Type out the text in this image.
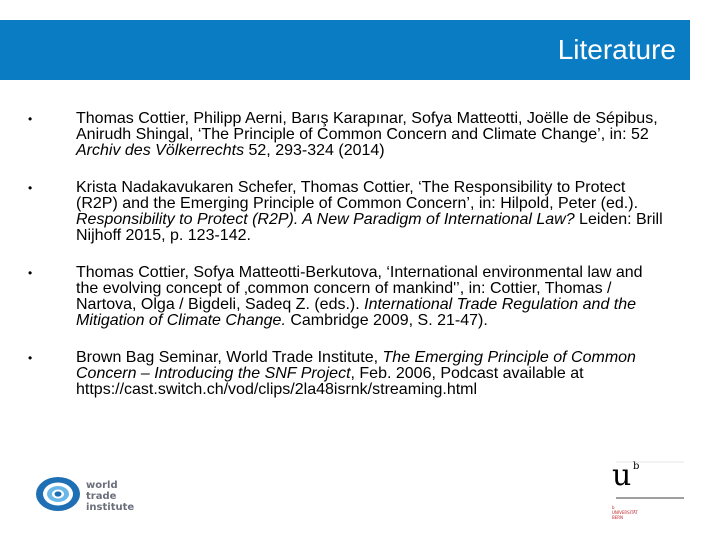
Literature
•	Thomas Cottier, Philipp Aerni, Barış Karapınar, Sofya Matteotti, Joëlle de Sépibus, Anirudh Shingal, ‘The Principle of Common Concern and Climate Change’, in: 52 Archiv des Völkerrechts 52, 293-324 (2014)
•	Krista Nadakavukaren Schefer, Thomas Cottier, ‘The Responsibility to Protect (R2P) and the Emerging Principle of Common Concern’, in: Hilpold, Peter (ed.). Responsibility to Protect (R2P). A New Paradigm of International Law? Leiden: Brill Nijhoff 2015, p. 123-142.
•	Thomas Cottier, Sofya Matteotti-Berkutova, ‘International environmental law and the evolving concept of ‚common concern of mankind'’, in: Cottier, Thomas / Nartova, Olga / Bigdeli, Sadeq Z. (eds.). International Trade Regulation and the Mitigation of Climate Change. Cambridge 2009, S. 21-47).
•	Brown Bag Seminar, World Trade Institute, The Emerging Principle of Common Concern – Introducing the SNF Project, Feb. 2006, Podcast available at https://cast.switch.ch/vod/clips/2la48isrnk/streaming.html
world
trade
institute
u b
b
UNIVERSITÄT
BERN
